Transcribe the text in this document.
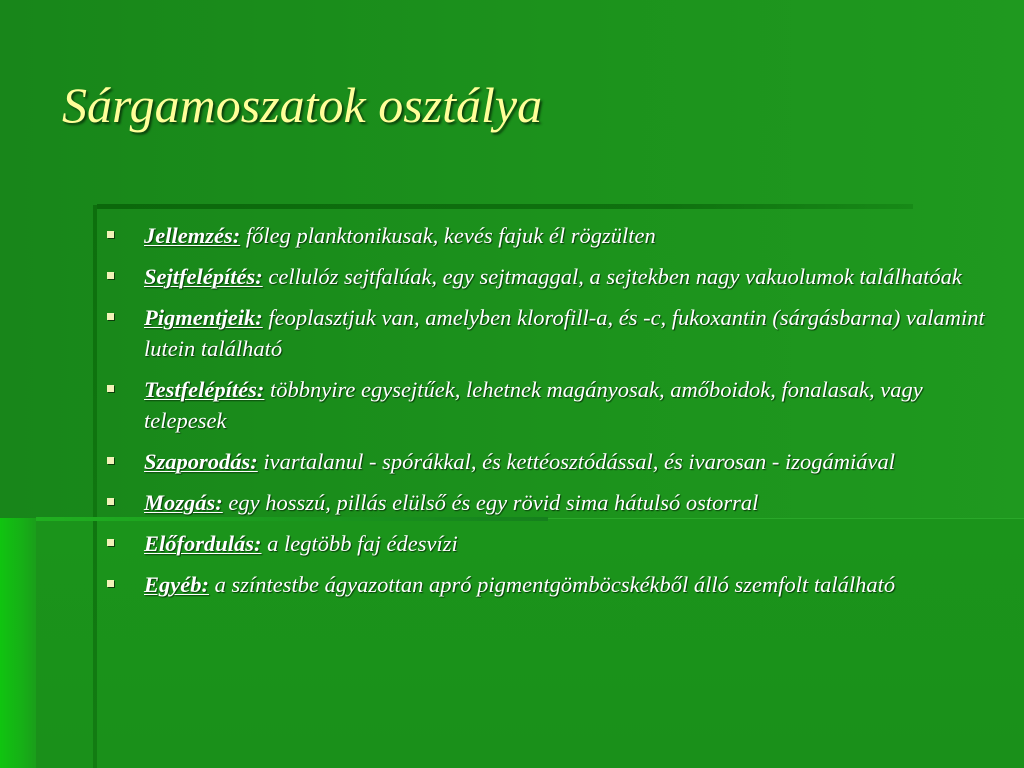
Sárgamoszatok osztálya
Jellemzés: főleg planktonikusak, kevés fajuk él rögzülten
Sejtfelépítés: cellulóz sejtfalúak, egy sejtmaggal, a sejtekben nagy vakuolumok találhatóak
Pigmentjeik: feoplasztjuk van, amelyben klorofill-a, és -c, fukoxantin (sárgásbarna) valamint lutein található
Testfelépítés: többnyire egysejtűek, lehetnek magányosak, amőboidok, fonalasak, vagy telepesek
Szaporodás: ivartalanul - spórákkal, és kettéosztódással, és ivarosan - izogámiával
Mozgás: egy hosszú, pillás elülső és egy rövid sima hátulsó ostorral
Előfordulás: a legtöbb faj édesvízi
Egyéb: a színtestbe ágyazottan apró pigmentgömböcskékből álló szemfolt található
